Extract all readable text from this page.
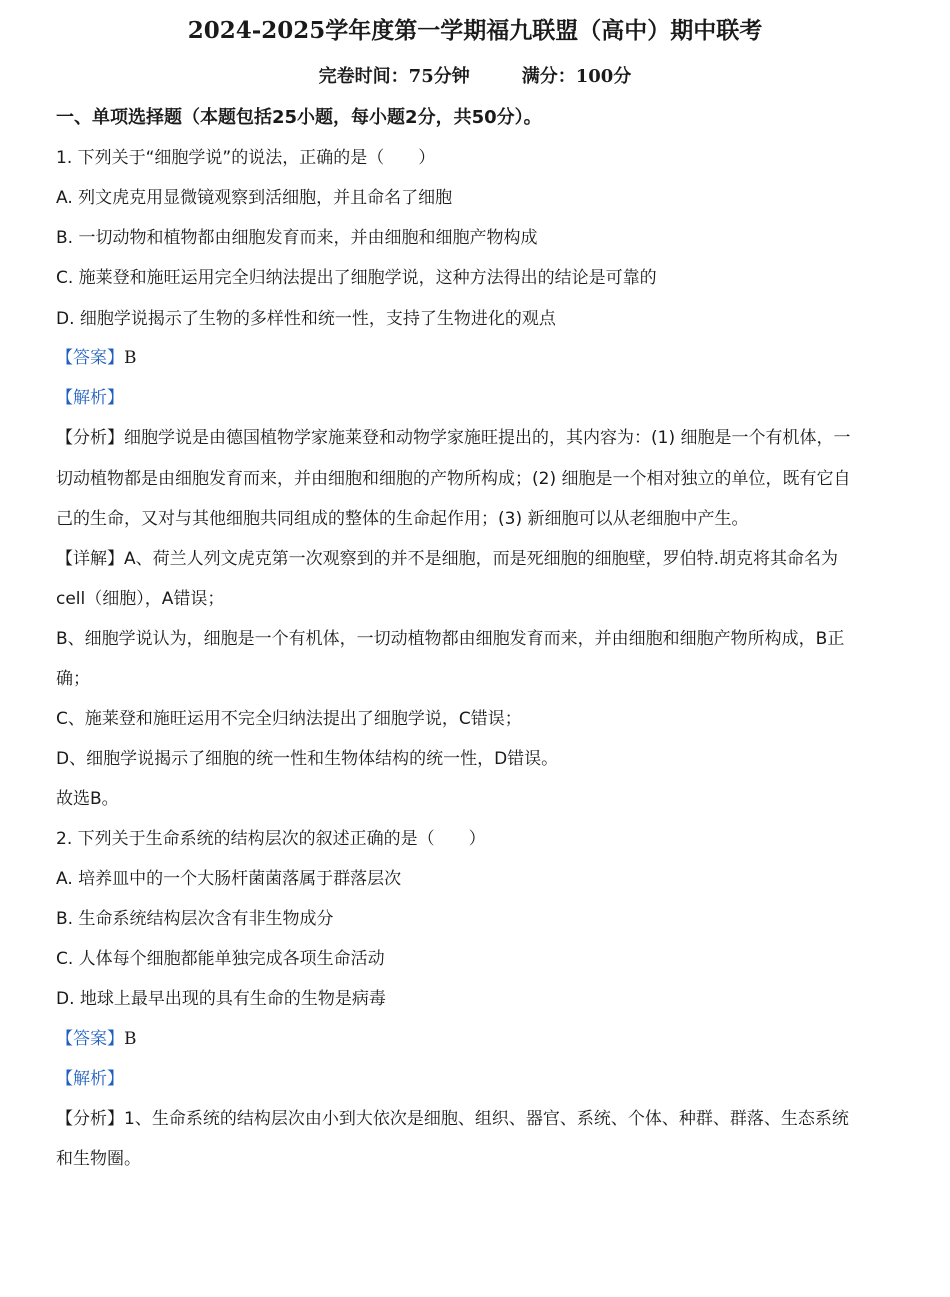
2024-2025学年度第一学期福九联盟（高中）期中联考
完卷时间：75分钟	满分：100分
一、单项选择题（本题包括25小题，每小题2分，共50分）。
1. 下列关于“细胞学说”的说法，正确的是（　　）
A. 列文虎克用显微镜观察到活细胞，并且命名了细胞
B. 一切动物和植物都由细胞发育而来，并由细胞和细胞产物构成
C. 施莱登和施旺运用完全归纳法提出了细胞学说，这种方法得出的结论是可靠的
D. 细胞学说揭示了生物的多样性和统一性，支持了生物进化的观点
【答案】B
【解析】
【分析】细胞学说是由德国植物学家施莱登和动物学家施旺提出的，其内容为：(1) 细胞是一个有机体，一
切动植物都是由细胞发育而来，并由细胞和细胞的产物所构成；(2) 细胞是一个相对独立的单位，既有它自
己的生命，又对与其他细胞共同组成的整体的生命起作用；(3) 新细胞可以从老细胞中产生。
【详解】A、荷兰人列文虎克第一次观察到的并不是细胞，而是死细胞的细胞壁，罗伯特.胡克将其命名为
cell（细胞），A错误；
B、细胞学说认为，细胞是一个有机体，一切动植物都由细胞发育而来，并由细胞和细胞产物所构成，B正
确；
C、施莱登和施旺运用不完全归纳法提出了细胞学说，C错误；
D、细胞学说揭示了细胞的统一性和生物体结构的统一性，D错误。
故选B。
2. 下列关于生命系统的结构层次的叙述正确的是（　　）
A. 培养皿中的一个大肠杆菌菌落属于群落层次
B. 生命系统结构层次含有非生物成分
C. 人体每个细胞都能单独完成各项生命活动
D. 地球上最早出现的具有生命的生物是病毒
【答案】B
【解析】
【分析】1、生命系统的结构层次由小到大依次是细胞、组织、器官、系统、个体、种群、群落、生态系统
和生物圈。
